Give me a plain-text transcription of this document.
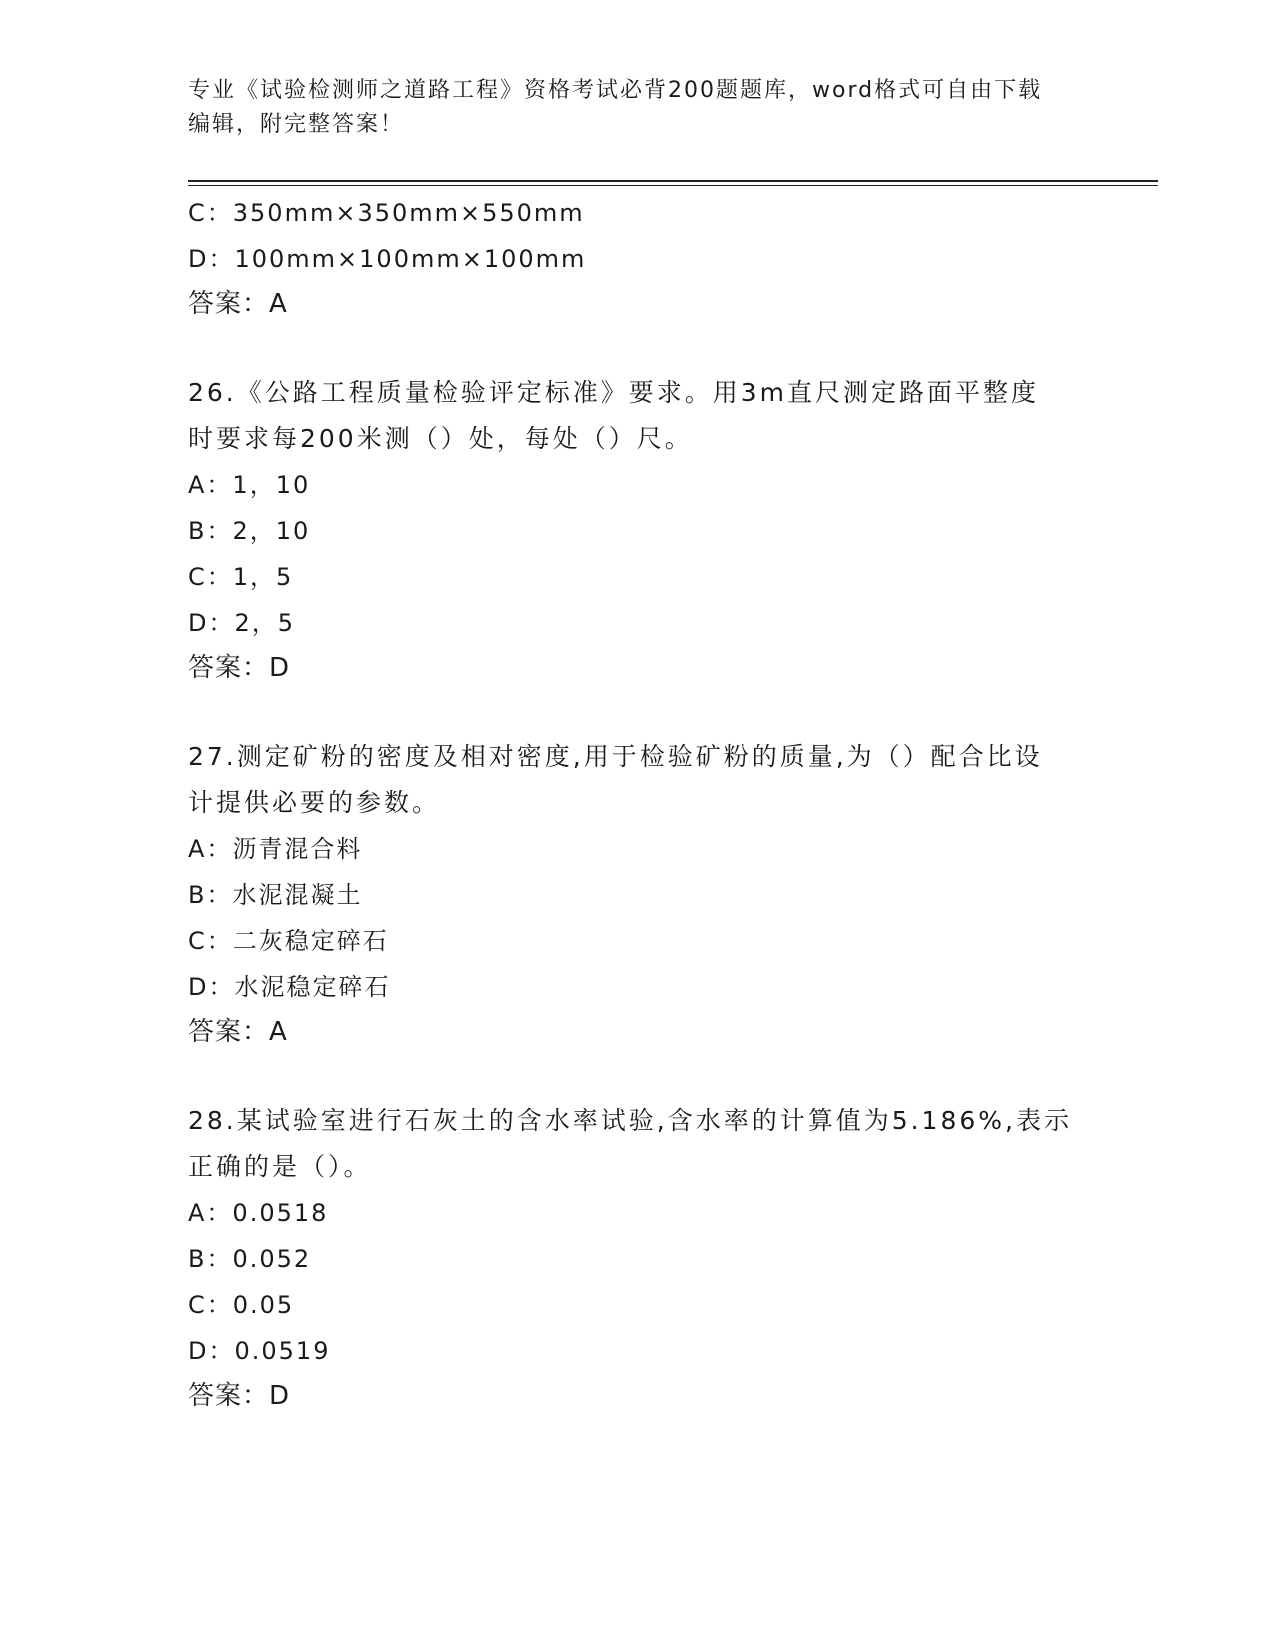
专业《试验检测师之道路工程》资格考试必背200题题库，word格式可自由下载
编辑，附完整答案！

C：350mm×350mm×550mm

D：100mm×100mm×100mm

答案：A

26.《公路工程质量检验评定标准》要求。用3m直尺测定路面平整度
时要求每200米测（）处，每处（）尺。

A：1，10

B：2，10

C：1，5

D：2，5

答案：D

27.测定矿粉的密度及相对密度,用于检验矿粉的质量,为（）配合比设
计提供必要的参数。

A：沥青混合料

B：水泥混凝土

C：二灰稳定碎石

D：水泥稳定碎石

答案：A

28.某试验室进行石灰土的含水率试验,含水率的计算值为5.186%,表示
正确的是（）。

A：0.0518

B：0.052

C：0.05

D：0.0519

答案：D
